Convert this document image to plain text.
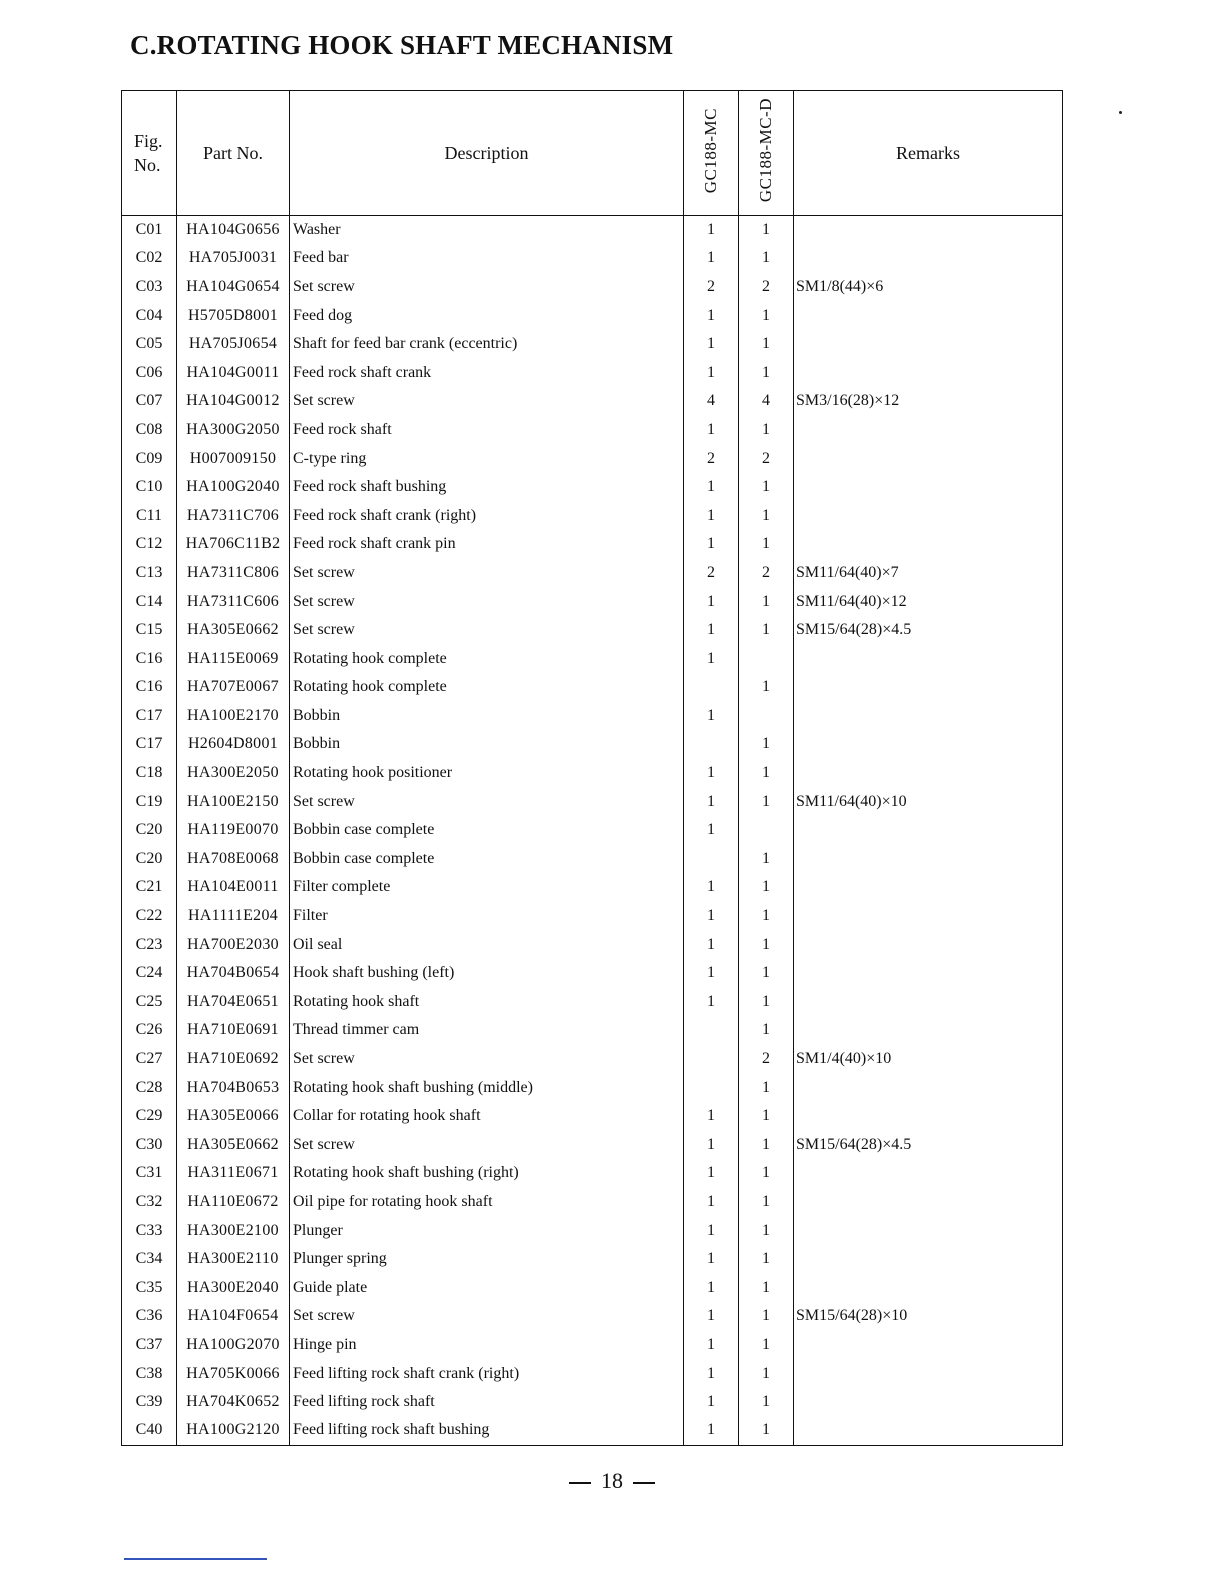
C.ROTATING HOOK SHAFT MECHANISM
Fig.
No.	Part No.	Description	GC188-MC	GC188-MC-D	Remarks
C01	HA104G0656	Washer	1	1	
C02	HA705J0031	Feed bar	1	1	
C03	HA104G0654	Set screw	2	2	SM1/8(44)×6
C04	H5705D8001	Feed dog	1	1	
C05	HA705J0654	Shaft for feed bar crank (eccentric)	1	1	
C06	HA104G0011	Feed rock shaft crank	1	1	
C07	HA104G0012	Set screw	4	4	SM3/16(28)×12
C08	HA300G2050	Feed rock shaft	1	1	
C09	H007009150	C-type ring	2	2	
C10	HA100G2040	Feed rock shaft bushing	1	1	
C11	HA7311C706	Feed rock shaft crank (right)	1	1	
C12	HA706C11B2	Feed rock shaft crank pin	1	1	
C13	HA7311C806	Set screw	2	2	SM11/64(40)×7
C14	HA7311C606	Set screw	1	1	SM11/64(40)×12
C15	HA305E0662	Set screw	1	1	SM15/64(28)×4.5
C16	HA115E0069	Rotating hook complete	1		
C16	HA707E0067	Rotating hook complete		1	
C17	HA100E2170	Bobbin	1		
C17	H2604D8001	Bobbin		1	
C18	HA300E2050	Rotating hook positioner	1	1	
C19	HA100E2150	Set screw	1	1	SM11/64(40)×10
C20	HA119E0070	Bobbin case complete	1		
C20	HA708E0068	Bobbin case complete		1	
C21	HA104E0011	Filter complete	1	1	
C22	HA1111E204	Filter	1	1	
C23	HA700E2030	Oil seal	1	1	
C24	HA704B0654	Hook shaft bushing (left)	1	1	
C25	HA704E0651	Rotating hook shaft	1	1	
C26	HA710E0691	Thread timmer cam		1	
C27	HA710E0692	Set screw		2	SM1/4(40)×10
C28	HA704B0653	Rotating hook shaft bushing (middle)		1	
C29	HA305E0066	Collar for rotating hook shaft	1	1	
C30	HA305E0662	Set screw	1	1	SM15/64(28)×4.5
C31	HA311E0671	Rotating hook shaft bushing (right)	1	1	
C32	HA110E0672	Oil pipe for rotating hook shaft	1	1	
C33	HA300E2100	Plunger	1	1	
C34	HA300E2110	Plunger spring	1	1	
C35	HA300E2040	Guide plate	1	1	
C36	HA104F0654	Set screw	1	1	SM15/64(28)×10
C37	HA100G2070	Hinge pin	1	1	
C38	HA705K0066	Feed lifting rock shaft crank (right)	1	1	
C39	HA704K0652	Feed lifting rock shaft	1	1	
C40	HA100G2120	Feed lifting rock shaft bushing	1	1	
18
